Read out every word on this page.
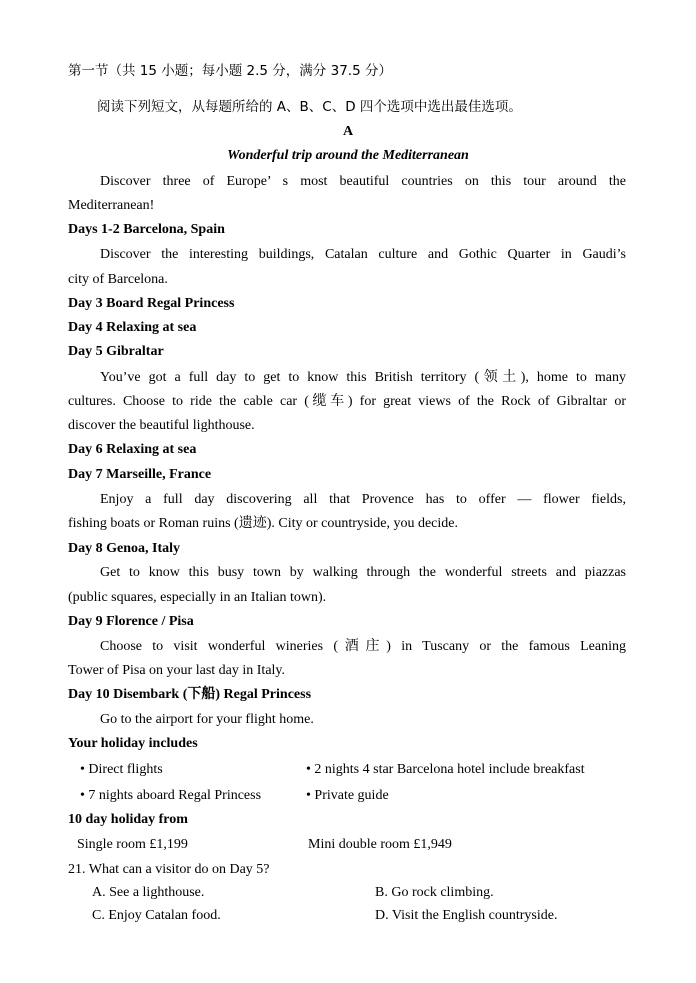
第一节（共 15 小题；每小题 2.5 分，满分 37.5 分）
阅读下列短文，从每题所给的 A、B、C、D 四个选项中选出最佳选项。
A
Wonderful trip around the Mediterranean
Discover three of Europe’ s most beautiful countries on this tour around the
Mediterranean!
Days 1-2 Barcelona, Spain
Discover the interesting buildings, Catalan culture and Gothic Quarter in Gaudi’s
city of Barcelona.
Day 3 Board Regal Princess
Day 4 Relaxing at sea
Day 5 Gibraltar
You’ve got a full day to get to know this British territory (领土), home to many
cultures. Choose to ride the cable car (缆车) for great views of the Rock of Gibraltar or
discover the beautiful lighthouse.
Day 6 Relaxing at sea
Day 7 Marseille, France
Enjoy a full day discovering all that Provence has to offer — flower fields,
fishing boats or Roman ruins (遗迹). City or countryside, you decide.
Day 8 Genoa, Italy
Get to know this busy town by walking through the wonderful streets and piazzas
(public squares, especially in an Italian town).
Day 9 Florence / Pisa
Choose to visit wonderful wineries (酒庄) in Tuscany or the famous Leaning
Tower of Pisa on your last day in Italy.
Day 10 Disembark (下船) Regal Princess
Go to the airport for your flight home.
Your holiday includes
• Direct flights	• 2 nights 4 star Barcelona hotel include breakfast
• 7 nights aboard Regal Princess	• Private guide
10 day holiday from
Single room £1,199	Mini double room £1,949
21. What can a visitor do on Day 5?
A. See a lighthouse.	B. Go rock climbing.
C. Enjoy Catalan food.	D. Visit the English countryside.
